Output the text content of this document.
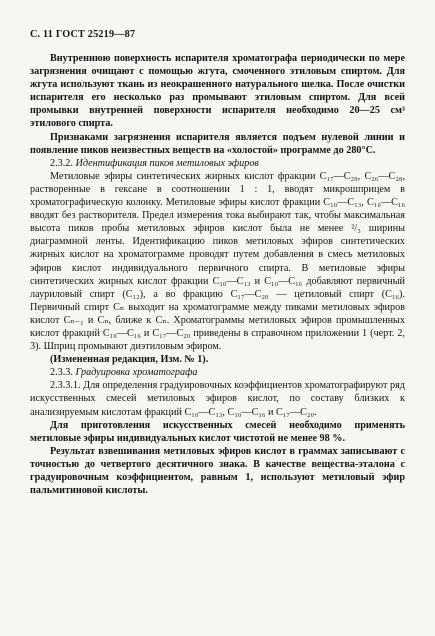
С. 11 ГОСТ 25219—87

Внутреннюю поверхность испарителя хроматографа периодически по мере загрязнения очищают с помощью жгута, смоченного этиловым спиртом. Для жгута используют ткань из неокрашенного натурального шелка. После очистки испарителя его несколько раз промывают этиловым спиртом. Для всей промывки внутренней поверхности испарителя необходимо 20—25 см³ этилового спирта.

Признаками загрязнения испарителя является подъем нулевой линии и появление пиков неизвестных веществ на «холостой» программе до 280°С.

2.3.2. Идентификация пиков метиловых эфиров

Метиловые эфиры синтетических жирных кислот фракции С₁₇—С₂₀, С₂₆—С₂₈, растворенные в гексане в соотношении 1 : 1, вводят микрошприцем в хроматографическую колонку. Метиловые эфиры кислот фракции С₁₀—С₁₃, С₁₀—С₁₆ вводят без растворителя. Предел измерения тока выбирают так, чтобы максимальная высота пиков пробы метиловых эфиров кислот была не менее ²/₃ ширины диаграммной ленты. Идентификацию пиков метиловых эфиров синтетических жирных кислот на хроматограмме проводят путем добавления в смесь метиловых эфиров кислот индивидуального первичного спирта. В метиловые эфиры синтетических жирных кислот фракции С₁₀—С₁₃ и С₁₀—С₁₆ добавляют первичный лауриловый спирт (С₁₂), а во фракцию С₁₇—С₂₀ — цетиловый спирт (С₁₆). Первичный спирт Сₙ выходит на хроматограмме между пиками метиловых эфиров кислот Сₙ₋₁ и Сₙ, ближе к Сₙ. Хроматограммы метиловых эфиров промышленных кислот фракций С₁₀—С₁₆ и С₁₇—С₂₀ приведены в справочном приложении 1 (черт. 2, 3). Шприц промывают диэтиловым эфиром.

(Измененная редакция, Изм. № 1).

2.3.3. Градуировка хроматографа

2.3.3.1. Для определения градуировочных коэффициентов хроматографируют ряд искусственных смесей метиловых эфиров кислот, по составу близких к анализируемым кислотам фракций С₁₀—С₁₃, С₁₀—С₁₆ и С₁₇—С₂₀.

Для приготовления искусственных смесей необходимо применять метиловые эфиры индивидуальных кислот чистотой не менее 98 %.

Результат взвешивания метиловых эфиров кислот в граммах записывают с точностью до четвертого десятичного знака. В качестве вещества-эталона с градуировочным коэффициентом, равным 1, используют метиловый эфир пальмитиновой кислоты.
